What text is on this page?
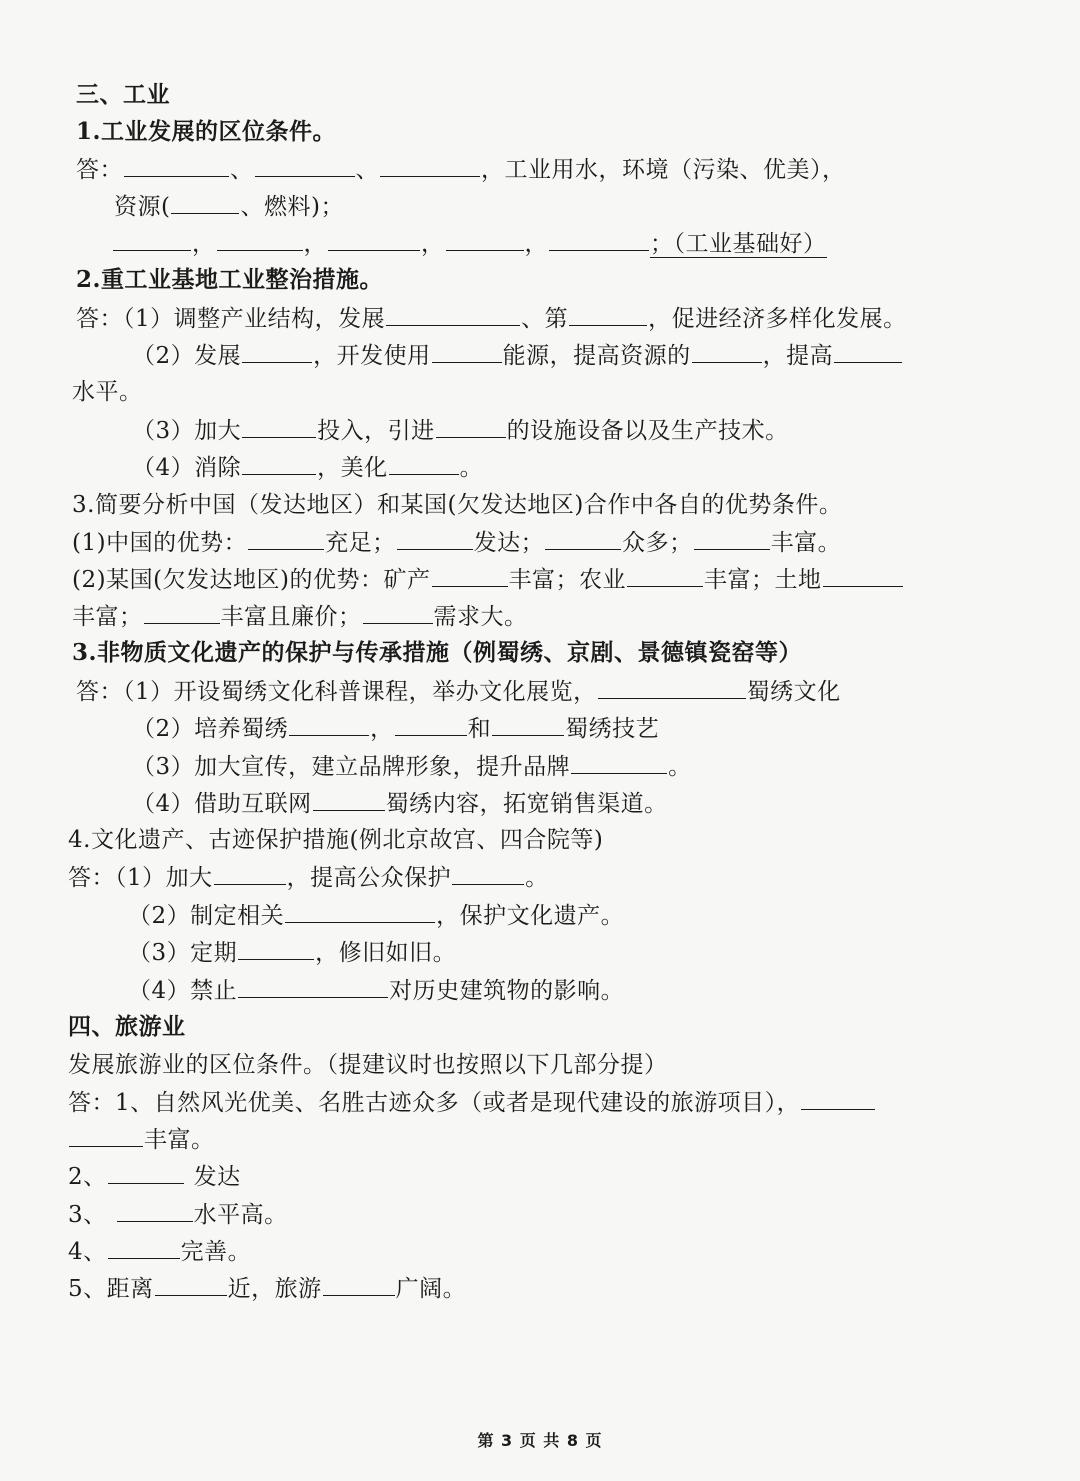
三、工业
1.工业发展的区位条件。
答：	、	、	，工业用水，环境（污染、优美），
资源(	、燃料)；
，	，	，	，	；（工业基础好）
2.重工业基地工业整治措施。
答：（1）调整产业结构，发展	、第	，促进经济多样化发展。
（2）发展	，开发使用	能源，提高资源的	，提高
水平。
（3）加大	投入，引进	的设施设备以及生产技术。
（4）消除	，美化	。
3.简要分析中国（发达地区）和某国(欠发达地区)合作中各自的优势条件。
(1)中国的优势：	充足；	发达；	众多；	丰富。
(2)某国(欠发达地区)的优势：矿产	丰富；农业	丰富；土地
丰富；	丰富且廉价；	需求大。
3.非物质文化遗产的保护与传承措施（例蜀绣、京剧、景德镇瓷窑等）
答：（1）开设蜀绣文化科普课程，举办文化展览，	蜀绣文化
（2）培养蜀绣	，	和	蜀绣技艺
（3）加大宣传，建立品牌形象，提升品牌	。
（4）借助互联网	蜀绣内容，拓宽销售渠道。
4.文化遗产、古迹保护措施(例北京故宫、四合院等)
答：（1）加大	，提高公众保护	。
（2）制定相关	，保护文化遗产。
（3）定期	，修旧如旧。
（4）禁止	对历史建筑物的影响。
四、旅游业
发展旅游业的区位条件。（提建议时也按照以下几部分提）
答：1、自然风光优美、名胜古迹众多（或者是现代建设的旅游项目），
丰富。
2、	发达
3、	水平高。
4、	完善。
5、距离	近，旅游	广阔。
第 3 页 共 8 页
